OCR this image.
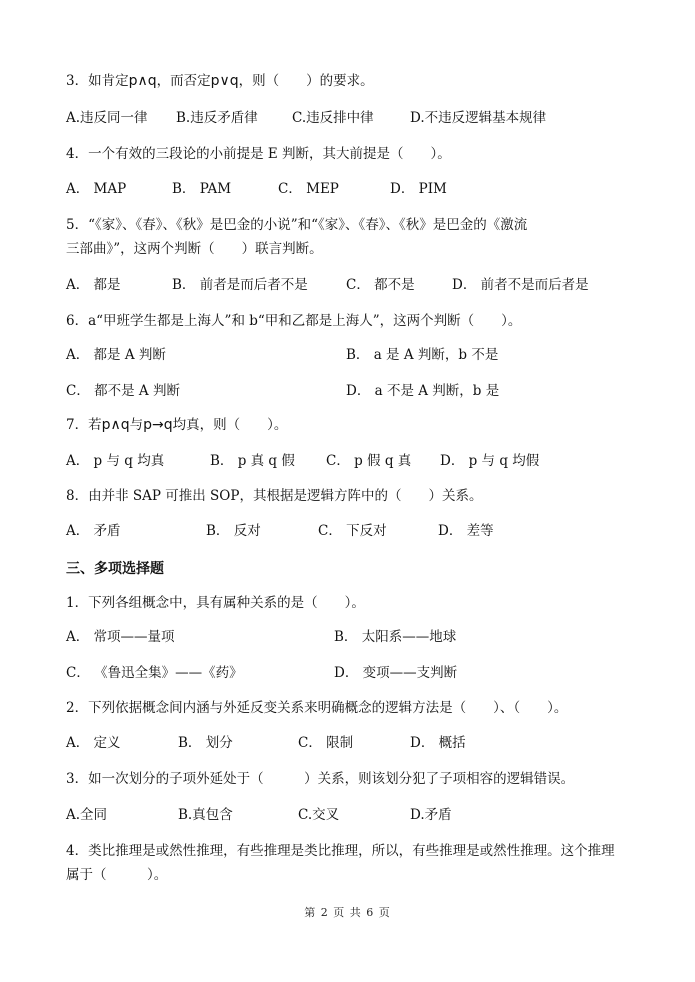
3．如肯定p∧q，而否定p∨q，则（　　）的要求。
A.违反同一律 B.违反矛盾律	C.违反排中律	D.不违反逻辑基本规律
4．一个有效的三段论的小前提是 E 判断，其大前提是（　　）。
A． MAP	B． PAM	C． MEP	D． PIM
5．“《家》、《春》、《秋》是巴金的小说”和“《家》、《春》、《秋》是巴金的《激流
三部曲》”，这两个判断（　　）联言判断。
A． 都是	B． 前者是而后者不是	C． 都不是	D． 前者不是而后者是
6．a“甲班学生都是上海人”和 b“甲和乙都是上海人”，这两个判断（　　）。
A． 都是 A 判断	B． a 是 A 判断，b 不是
C． 都不是 A 判断	D． a 不是 A 判断，b 是
7．若p∧q与p→q均真，则（　　）。
A． p 与 q 均真	B． p 真 q 假 C． p 假 q 真 D． p 与 q 均假
8．由并非 SAP 可推出 SOP，其根据是逻辑方阵中的（　　）关系。
A． 矛盾	B． 反对	C． 下反对	D． 差等
三、多项选择题
1．下列各组概念中，具有属种关系的是（　　）。
A． 常项——量项	B． 太阳系——地球
C． 《鲁迅全集》——《药》	D． 变项——支判断
2．下列依据概念间内涵与外延反变关系来明确概念的逻辑方法是（　　）、（　　）。
A． 定义	B． 划分	C． 限制	D． 概括
3．如一次划分的子项外延处于（　　　）关系，则该划分犯了子项相容的逻辑错误。
A.全同	B.真包含	C.交叉	D.矛盾
4．类比推理是或然性推理，有些推理是类比推理，所以，有些推理是或然性推理。这个推理
属于（　　　）。
第 2 页 共 6 页
